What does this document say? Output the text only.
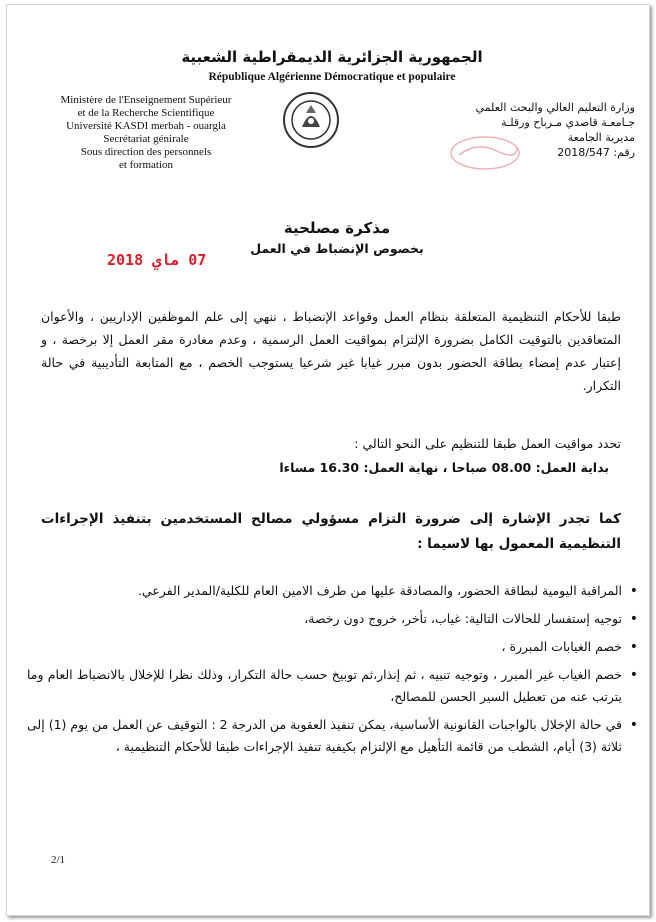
الجمهورية الجزائرية الديمقراطية الشعبية
République Algérienne Démocratique et populaire
Ministère de l'Enseignement Supérieur
et de la Recherche Scientifique
Université KASDI merbah - ouargla
Secrétariat génirale
Sous direction des personnels
et formation
وزارة التعليم العالي والبحث العلمي
جـامعـة قاصدي مـرباح ورقلـة
مديرية الجامعة
رقم: 2018/547
مذكرة مصلحية
بخصوص الإنضباط في العمل
07 ماي 2018
طبقا للأحكام التنظيمية المتعلقة بنظام العمل وقواعد الإنضباط ، ننهي إلى علم الموظفين الإداريين ، والأعوان المتعاقدين بالتوقيت الكامل بضرورة الإلتزام بمواقيت العمل الرسمية ، وعدم مغادرة مقر العمل إلا برخصة ، و إعتبار عدم إمضاء بطاقة الحضور بدون مبرر غيابا غير شرعيا يستوجب الخصم ، مع المتابعة التأديبية في حالة التكرار.
تحدد مواقيت العمل طبقا للتنظيم على النحو التالي :
بداية العمل: 08.00 صباحا ، نهاية العمل: 16.30 مساءا
كما تجدر الإشارة إلى ضرورة التزام مسؤولي مصالح المستخدمين بتنفيذ الإجراءات التنظيمية المعمول بها لاسيما :
• المراقبة اليومية لبطاقة الحضور، والمصادقة عليها من طرف الامين العام للكلية/المدير الفرعي.
• توجيه إستفسار للحالات التالية: غياب، تأخر، خروج دون رخصة،
• خصم الغيابات المبررة ،
• خصم الغياب غير المبرر ، وتوجيه تنبيه ، ثم إنذار،ثم توبيخ حسب حالة التكرار، وذلك نظرا للإخلال بالانضباط العام وما يترتب عنه من تعطيل السير الحسن للمصالح،
• في حالة الإخلال بالواجبات القانونية الأساسية، يمكن تنفيذ العقوبة من الدرجة 2 : التوقيف عن العمل من يوم (1) إلى ثلاثة (3) أيام، الشطب من قائمة التأهيل مع الإلتزام بكيفية تنفيذ الإجراءات طبقا للأحكام التنظيمية ،
2/1
